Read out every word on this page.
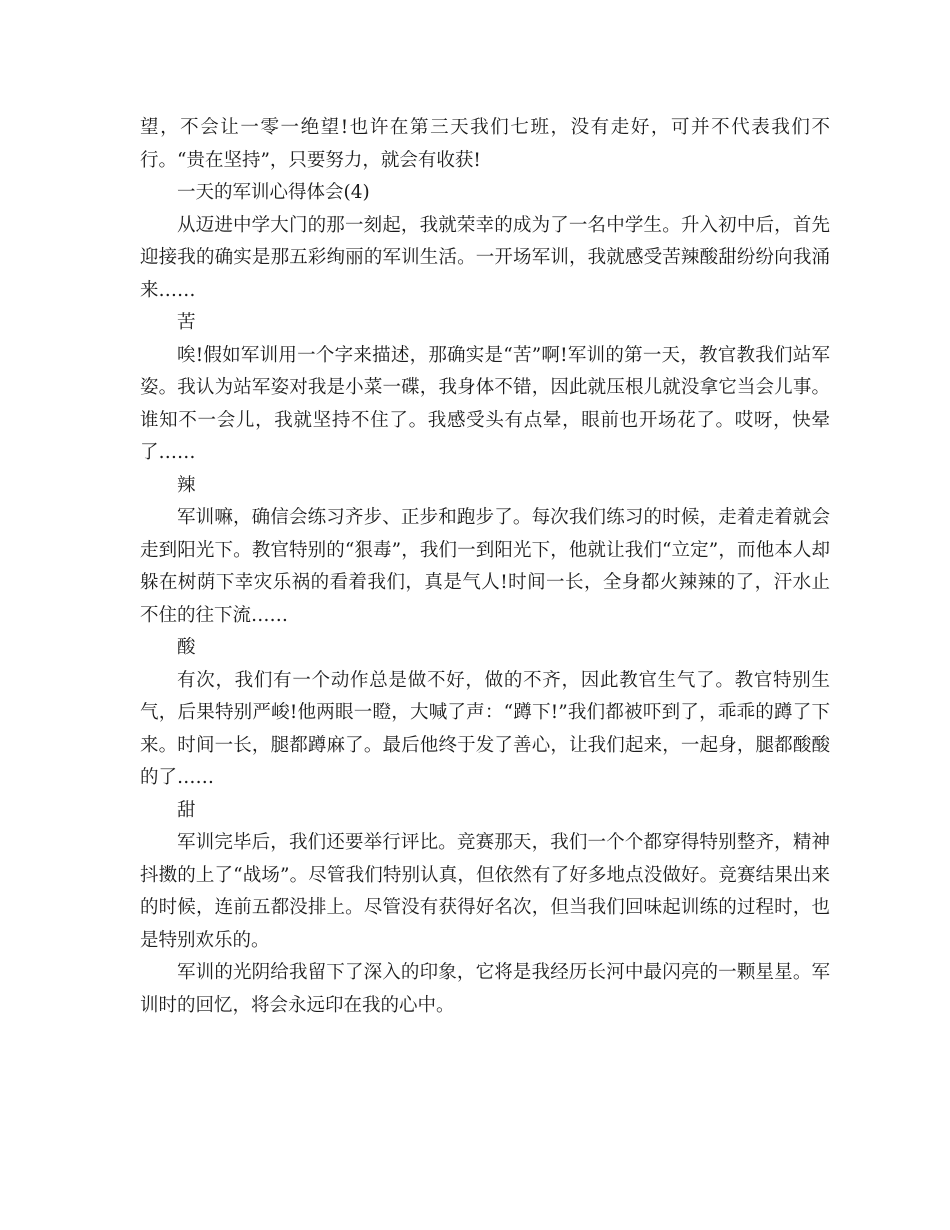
望，不会让一零一绝望!也许在第三天我们七班，没有走好，可并不代表我们不行。“贵在坚持”，只要努力，就会有收获!

一天的军训心得体会(4)

从迈进中学大门的那一刻起，我就荣幸的成为了一名中学生。升入初中后，首先迎接我的确实是那五彩绚丽的军训生活。一开场军训，我就感受苦辣酸甜纷纷向我涌来……

苦

唉!假如军训用一个字来描述，那确实是“苦”啊!军训的第一天，教官教我们站军姿。我认为站军姿对我是小菜一碟，我身体不错，因此就压根儿就没拿它当会儿事。谁知不一会儿，我就坚持不住了。我感受头有点晕，眼前也开场花了。哎呀，快晕了……

辣

军训嘛，确信会练习齐步、正步和跑步了。每次我们练习的时候，走着走着就会走到阳光下。教官特别的“狠毒”，我们一到阳光下，他就让我们“立定”，而他本人却躲在树荫下幸灾乐祸的看着我们，真是气人!时间一长，全身都火辣辣的了，汗水止不住的往下流……

酸

有次，我们有一个动作总是做不好，做的不齐，因此教官生气了。教官特别生气，后果特别严峻!他两眼一瞪，大喊了声：“蹲下!”我们都被吓到了，乖乖的蹲了下来。时间一长，腿都蹲麻了。最后他终于发了善心，让我们起来，一起身，腿都酸酸的了……

甜

军训完毕后，我们还要举行评比。竞赛那天，我们一个个都穿得特别整齐，精神抖擞的上了“战场”。尽管我们特别认真，但依然有了好多地点没做好。竞赛结果出来的时候，连前五都没排上。尽管没有获得好名次，但当我们回味起训练的过程时，也是特别欢乐的。

军训的光阴给我留下了深入的印象，它将是我经历长河中最闪亮的一颗星星。军训时的回忆，将会永远印在我的心中。
